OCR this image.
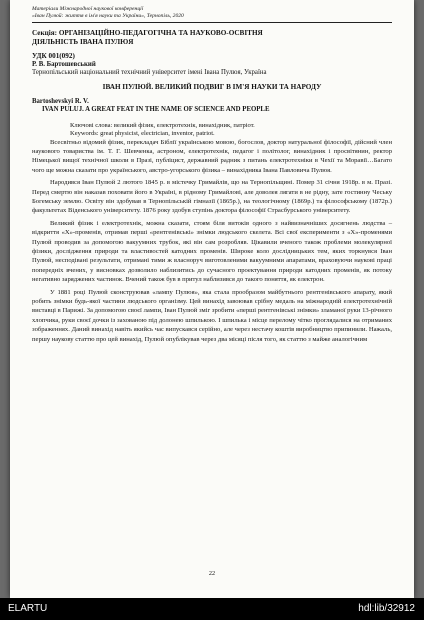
Матеріали Міжнародної наукової конференції
«Іван Пулюй: життя в ім'я науки та України», Тернопіль, 2020
Секція: ОРГАНІЗАЦІЙНО-ПЕДАГОГІЧНА ТА НАУКОВО-ОСВІТНЯ
ДІЯЛЬНІСТЬ ІВАНА ПУЛЮЯ
УДК 001(092)
Р. В. Бартошевський
Тернопільський національний технічний університет імені Івана Пулюя, Україна
ІВАН ПУЛЮЙ. ВЕЛИКИЙ ПОДВИГ В ІМ'Я НАУКИ ТА НАРОДУ
Bartoshevskyi R. V.
IVAN PULUJ. A GREAT FEAT IN THE NAME OF SCIENCE AND PEOPLE
Ключові слова: великий фізик, електротехнік, винахідник, патріот.
Keywords: great physicist, electrician, inventor, patriot.

Всесвітньо відомий фізик, перекладач Біблії українською мовою, богослов, доктор натуральної філософії, дійсний член наукового товариства ім. Т. Г. Шевченка, астроном, електротехнік, педагог і політолог, винахідник і просвітянин, ректор Німецької вищої технічної школи в Празі, публіцист, державний радник з питань електротехніки в Чехії та Моравії…Багато чого ще можна сказати про українського, австро-угорського фізика – винахідника Івана Павловича Пулюя.

Народився Іван Пулюй 2 лютого 1845 р. в містечку Гримайлів, що на Тернопільщині. Помер 31 січня 1918р. в м. Празі. Перед смертю він наказав поховати його в Україні, в рідному Гримайлові, але доволея лягати в не рідну, зате гостинну Чеську Богемську землю. Освіту він здобував в Тернопільській гімназії (1865р.), на теологічному (1869р.) та філософському (1872р.) факультетах Віденського університету. 1876 року здобув ступінь доктора філософії Страсбурського університету.

Великий фізик і електротехнік, можна сказати, стоям біля витоків одного з найвизначніших досягнень людства – відкриття «Х»-променів, отримав перші «рентгенівські» знімки людського скелета. Всі свої експерименти з «Х»-променями Пулюй проводив за допомогою вакуумних трубок, які він сам розробляв. Цікавили вченого також проблеми молекулярної фізики, дослідження природи та властивостей катодних променів. Широке коло дослідницьких тем, яких торкнувся Іван Пулюй, несподівані результати, отримані тими ж власноруч виготовленими вакуумними апаратами, враховуючи наукові праці попередніх вчених, у висновках дозволило наблизитись до сучасного проектування природи катодних променів, як потоку негативно заряджених частинок. Вчений також був в притул наблизився до такого поняття, як електрон.

У 1881 році Пулюй сконструював «лампу Пулюя», яка стала прообразом майбутнього рентгенівського апарату, який робить знімки будь-якої частини людського організму. Цей винахід завоював срібну медаль на міжнародній електротехнічній виставці в Парижі. За допомогою своєї лампи, Іван Пулюй зміг зробити «перші рентгенівські знімки» зламаної руки 13-річного хлопчика, руки своєї дочки із захованою під долонею шпилькою. І шпилька і місце перелому чітко проглядалися на отриманих зображеннях. Даний винахід навіть якийсь час випускався серійно, але через нестачу коштів виробництво припинили. Нажаль, першу наукову статтю про цей винахід, Пулюй опублікував через два місяці після того, як статтю з майже аналогічним

22
ELARTU	hdl:lib/32912
